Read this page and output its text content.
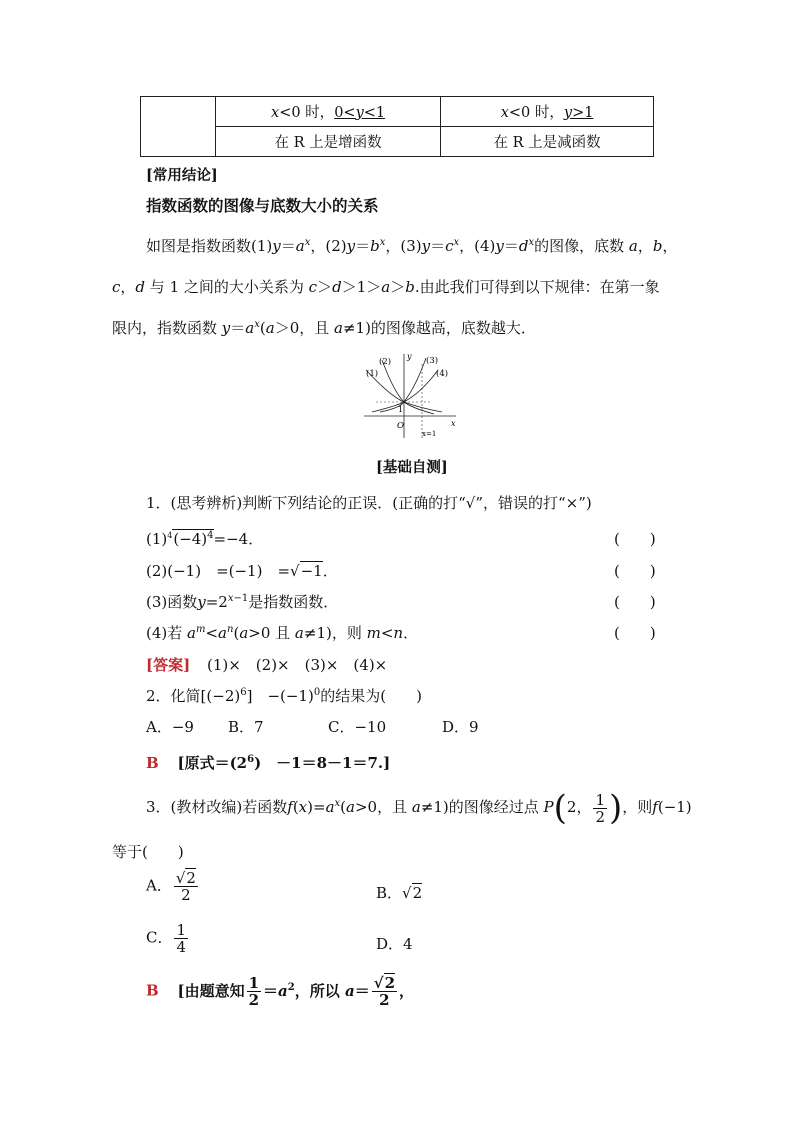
	x<0 时，0<y<1	x<0 时，y>1
	在 R 上是增函数	在 R 上是减函数
[常用结论]
指数函数的图像与底数大小的关系
如图是指数函数$(1)y=a^x$，$(2)y=b^x$，$(3)y=c^x$，$(4)y=d^x$的图像，底数 a，b，
c，d 与 1 之间的大小关系为 c＞d＞1＞a＞b.由此我们可得到以下规律：在第一象
限内，指数函数 $y=a^x(a>0$，且 a≠1)的图像越高，底数越大．
(2)
(1)
(3)
(4)
y
x
O
1
x=1
[基础自测]
1．(思考辨析)判断下列结论的正误．(正确的打“√”，错误的打“×”)
$(1)^4(-4)^4=-4$．	(　　)
(2)(−1)　=(−1)　=√−1．	(　　)
(3)函数$y=2^{x-1}$是指数函数．	(　　)
(4)若 $a^m<a^n(a>0$ 且 a≠1)，则 m<n．	(　　)
[答案] (1)×　(2)×　(3)×　(4)×
2．化简$[(-2)^6]$　$-(-1)^0$的结果为(　　)
A．−9 B．7	C．−10	D．9
B [原式$=(2^6)$　－1＝8－1＝7.]
3．(教材改编)若函数$f(x)=a^x(a>0$，且 a≠1)的图像经过点 P(2， $\frac{1}{2}$ )，则f(−1)
等于(　　)
A． $\frac{√2}{2}$	B．√2
C． $\frac{1}{4}$	D．4
B [由题意知 $\frac{1}{2} =a^2$，所以 $a= \frac{√2}{2}$ ，
